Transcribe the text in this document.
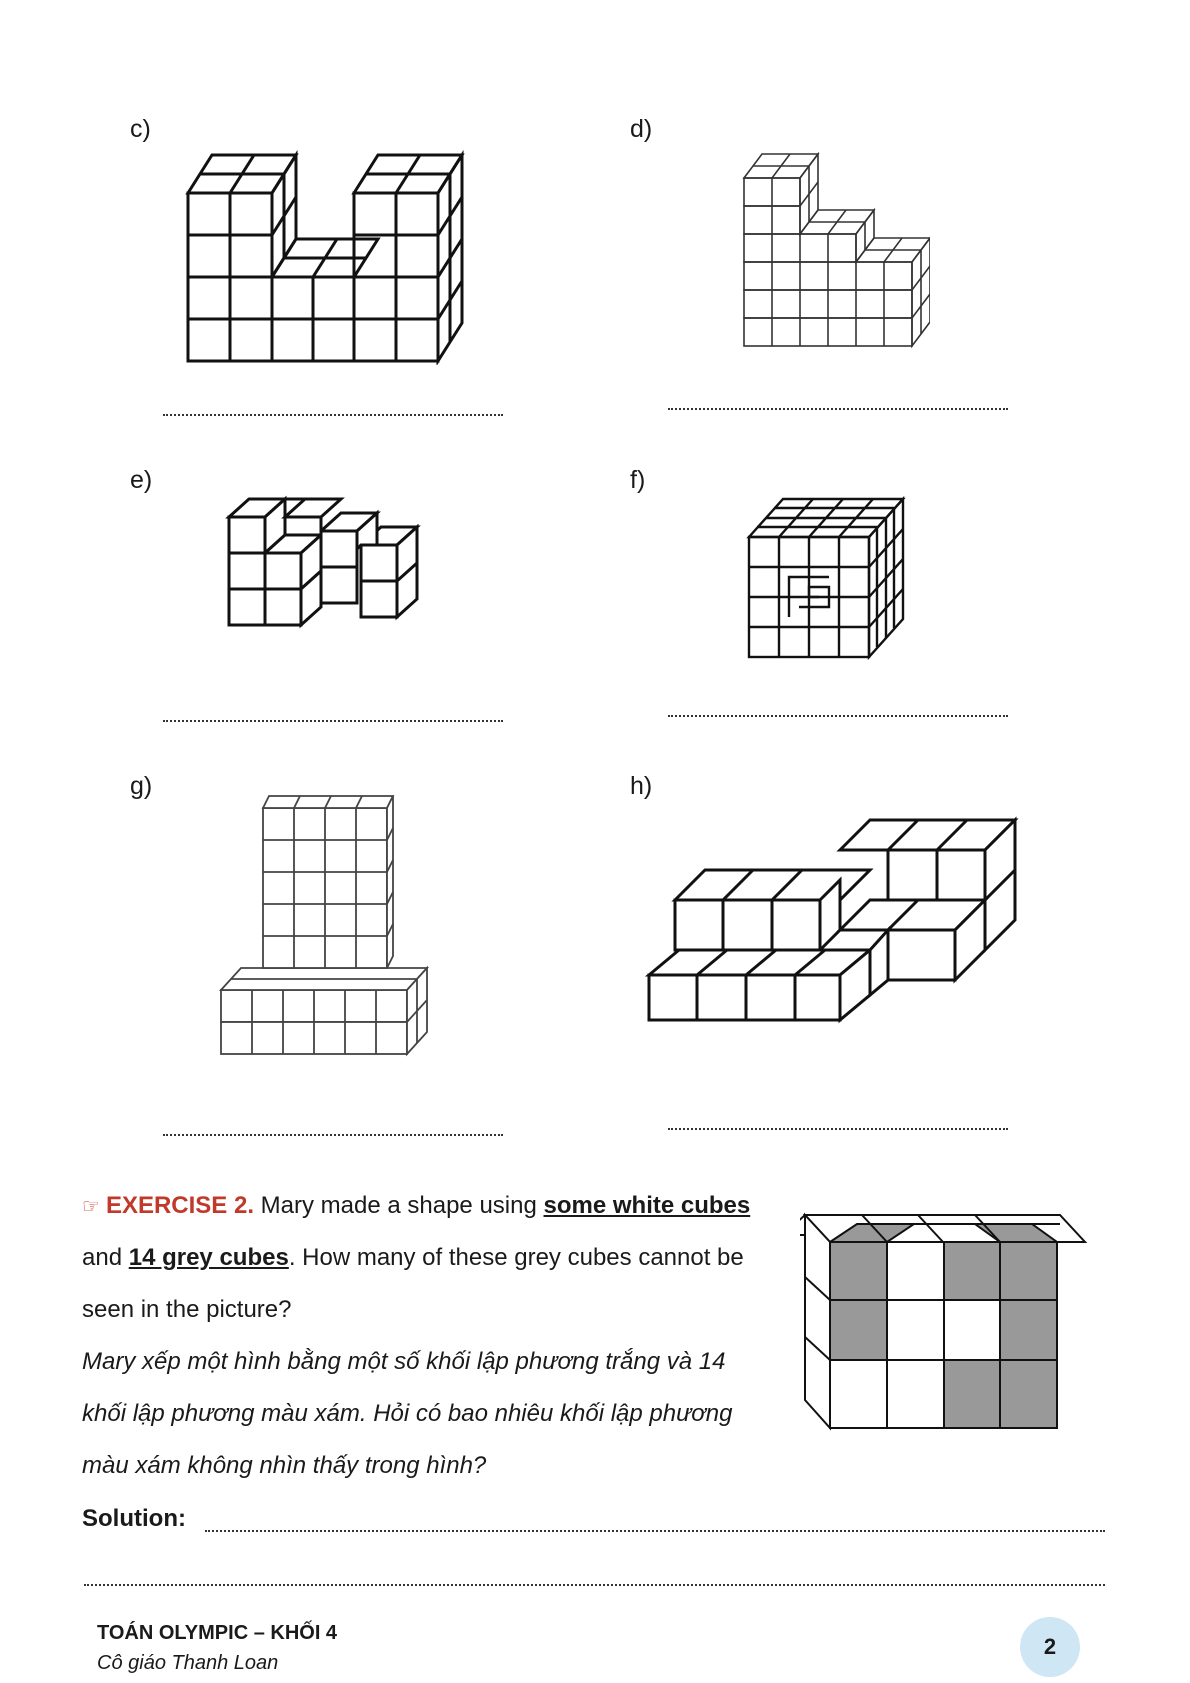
c)	d)
e)	f)
g)	h)
☞ EXERCISE 2. Mary made a shape using some white cubes
and 14 grey cubes. How many of these grey cubes cannot be
seen in the picture?
Mary xếp một hình bằng một số khối lập phương trắng và 14
khối lập phương màu xám. Hỏi có bao nhiêu khối lập phương
màu xám không nhìn thấy trong hình?
Solution:
TOÁN OLYMPIC – KHỐI 4
Cô giáo Thanh Loan
2
